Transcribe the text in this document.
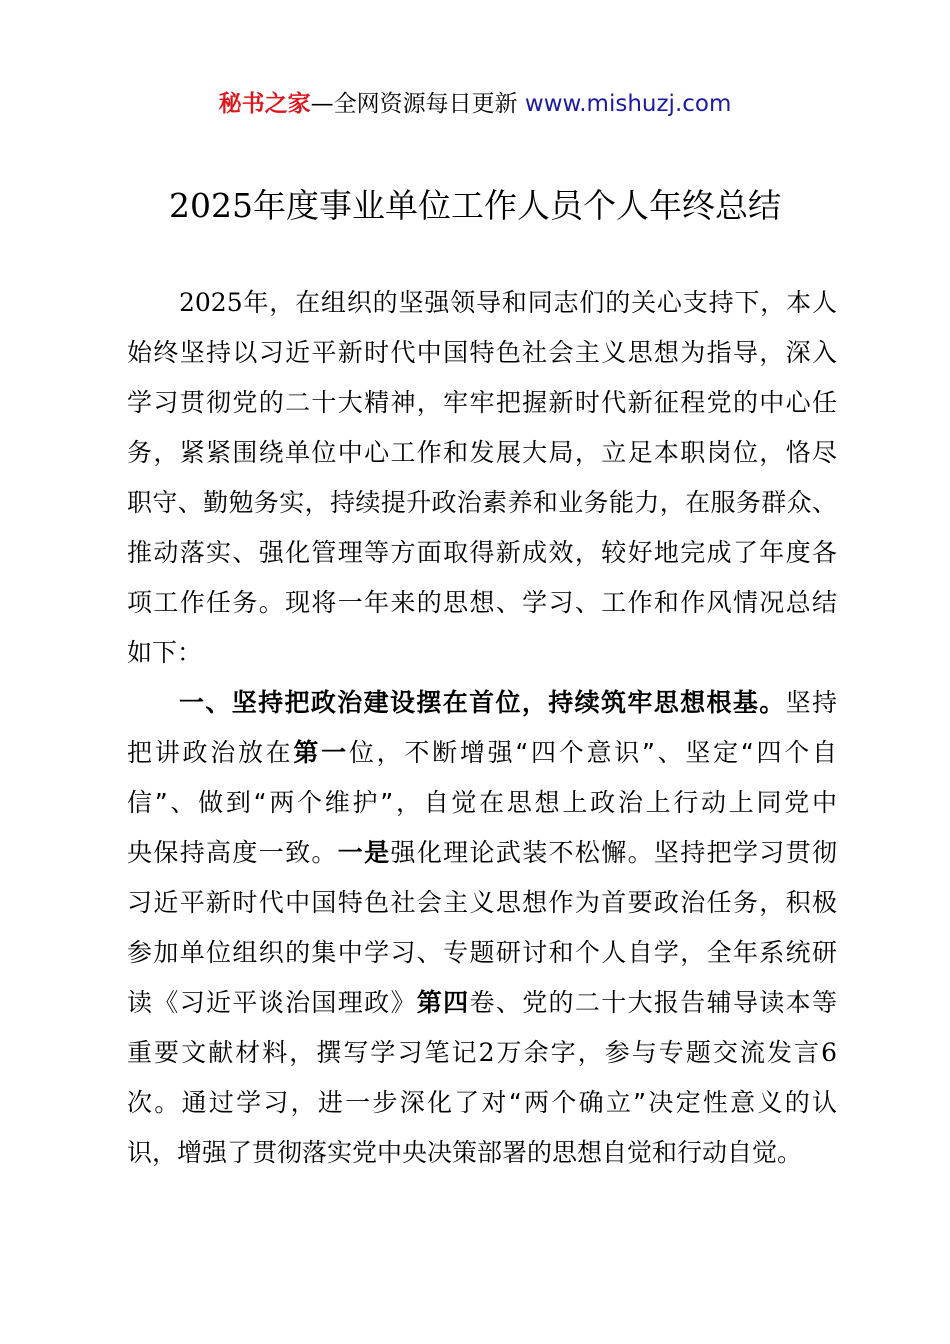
秘书之家—全网资源每日更新 www.mishuzj.com
2025年度事业单位工作人员个人年终总结
2025年，在组织的坚强领导和同志们的关心支持下，本人
始终坚持以习近平新时代中国特色社会主义思想为指导，深入
学习贯彻党的二十大精神，牢牢把握新时代新征程党的中心任
务，紧紧围绕单位中心工作和发展大局，立足本职岗位，恪尽
职守、勤勉务实，持续提升政治素养和业务能力，在服务群众、
推动落实、强化管理等方面取得新成效，较好地完成了年度各
项工作任务。现将一年来的思想、学习、工作和作风情况总结
如下：
一、坚持把政治建设摆在首位，持续筑牢思想根基。坚持
把讲政治放在第一位，不断增强“四个意识”、坚定“四个自
信”、做到“两个维护”，自觉在思想上政治上行动上同党中
央保持高度一致。一是强化理论武装不松懈。坚持把学习贯彻
习近平新时代中国特色社会主义思想作为首要政治任务，积极
参加单位组织的集中学习、专题研讨和个人自学，全年系统研
读《习近平谈治国理政》第四卷、党的二十大报告辅导读本等
重要文献材料，撰写学习笔记2万余字，参与专题交流发言6
次。通过学习，进一步深化了对“两个确立”决定性意义的认
识，增强了贯彻落实党中央决策部署的思想自觉和行动自觉。
